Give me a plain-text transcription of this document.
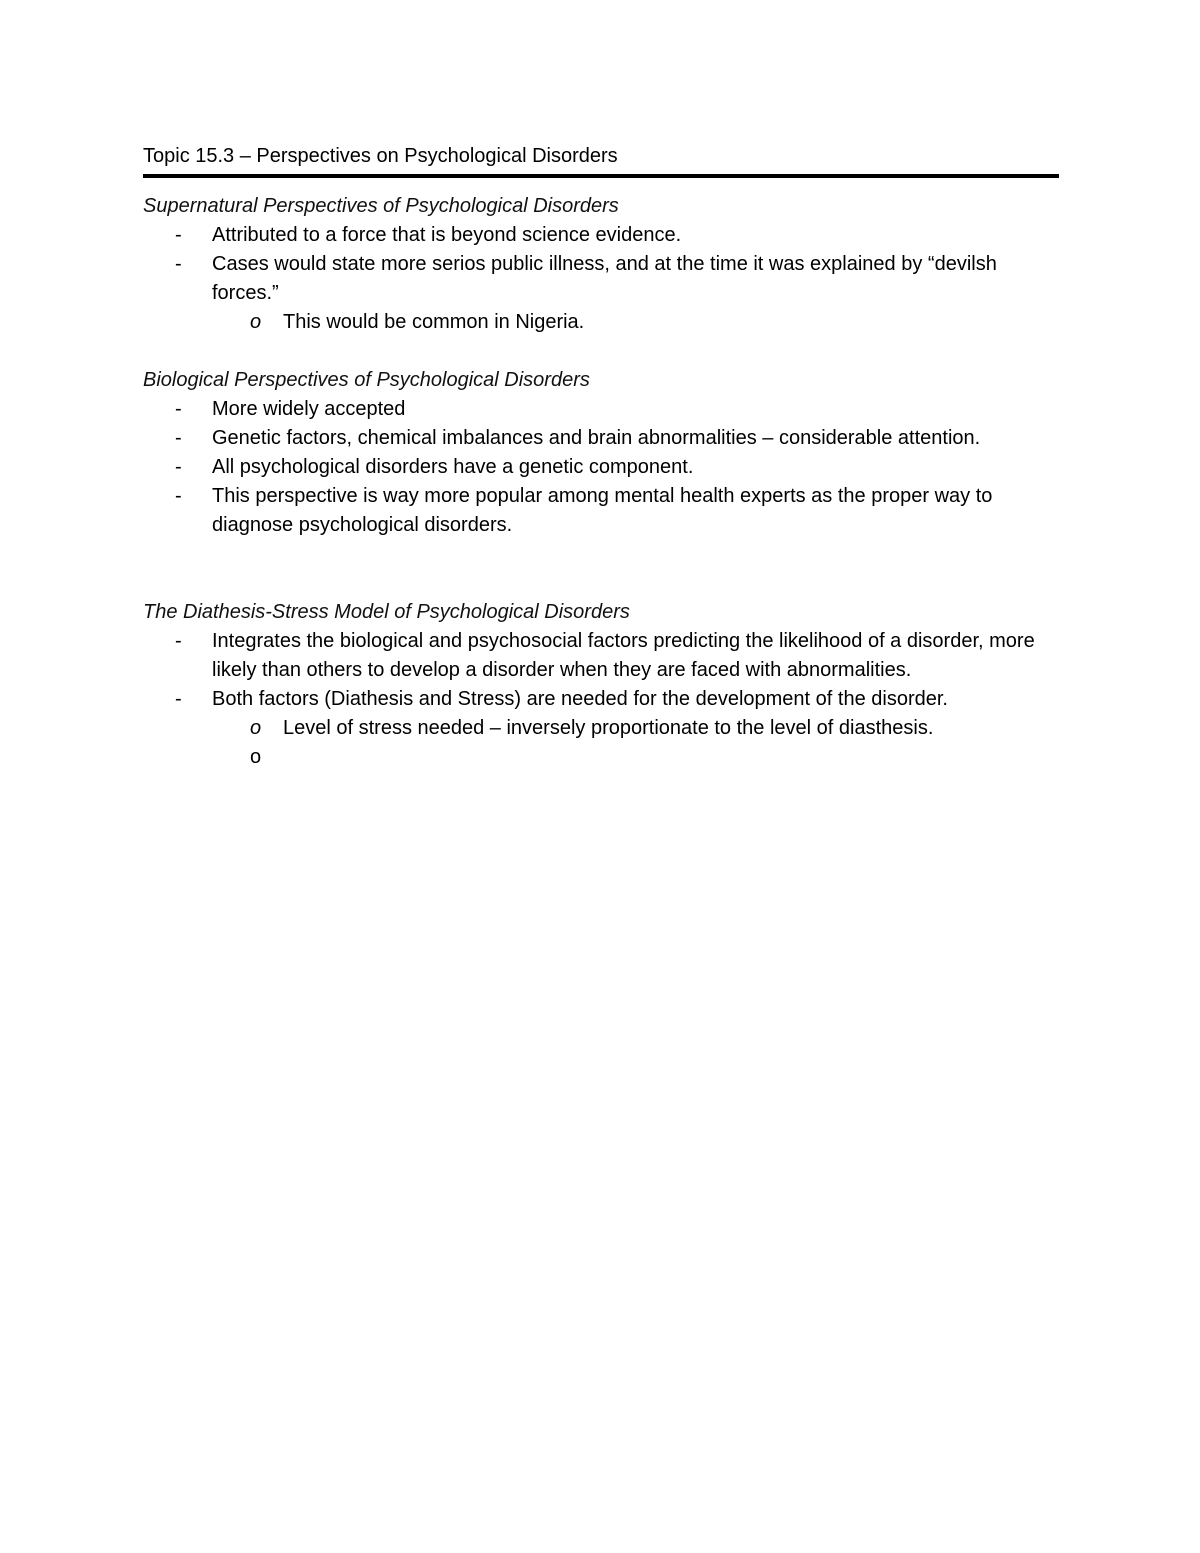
Topic 15.3 – Perspectives on Psychological Disorders

Supernatural Perspectives of Psychological Disorders

- Attributed to a force that is beyond science evidence.
- Cases would state more serios public illness, and at the time it was explained by “devilsh forces.”
o This would be common in Nigeria.

Biological Perspectives of Psychological Disorders

- More widely accepted
- Genetic factors, chemical imbalances and brain abnormalities – considerable attention.
- All psychological disorders have a genetic component.
- This perspective is way more popular among mental health experts as the proper way to diagnose psychological disorders.

The Diathesis-Stress Model of Psychological Disorders

- Integrates the biological and psychosocial factors predicting the likelihood of a disorder, more likely than others to develop a disorder when they are faced with abnormalities.
- Both factors (Diathesis and Stress) are needed for the development of the disorder.
o Level of stress needed – inversely proportionate to the level of diasthesis.
o
